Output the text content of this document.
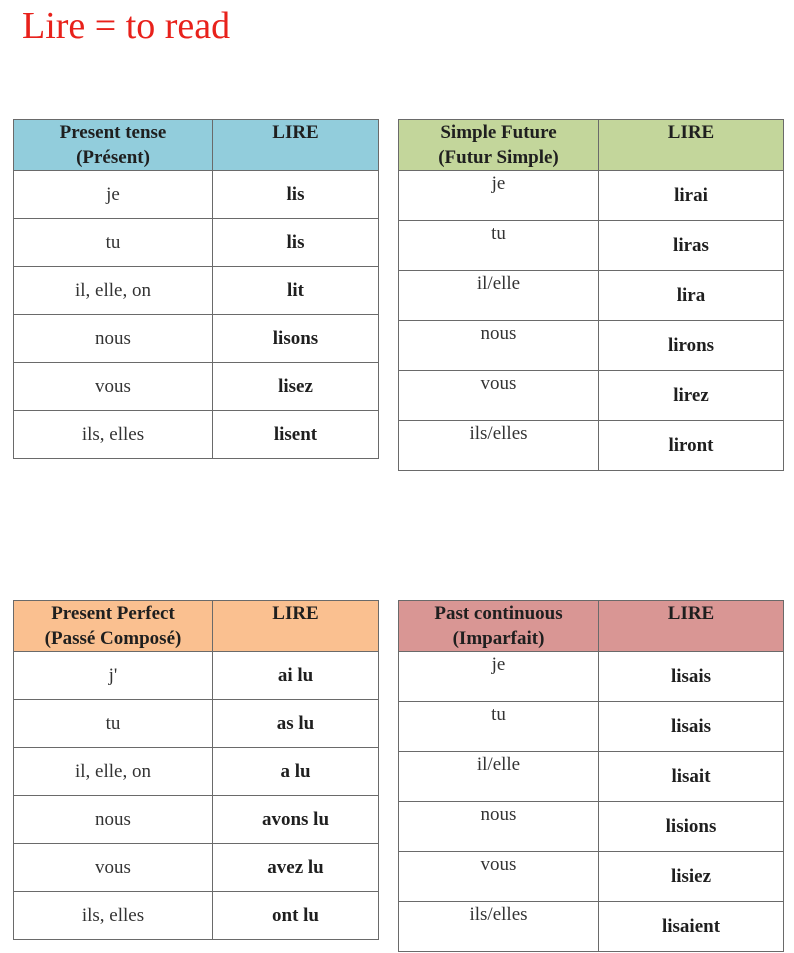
Lire = to read
Present tense
(Présent)	LIRE
je	lis
tu	lis
il, elle, on	lit
nous	lisons
vous	lisez
ils, elles	lisent
Simple Future
(Futur Simple)	LIRE
je	lirai
tu	liras
il/elle	lira
nous	lirons
vous	lirez
ils/elles	liront
Present Perfect
(Passé Composé)	LIRE
j'	ai lu
tu	as lu
il, elle, on	a lu
nous	avons lu
vous	avez lu
ils, elles	ont lu
Past continuous
(Imparfait)	LIRE
je	lisais
tu	lisais
il/elle	lisait
nous	lisions
vous	lisiez
ils/elles	lisaient
